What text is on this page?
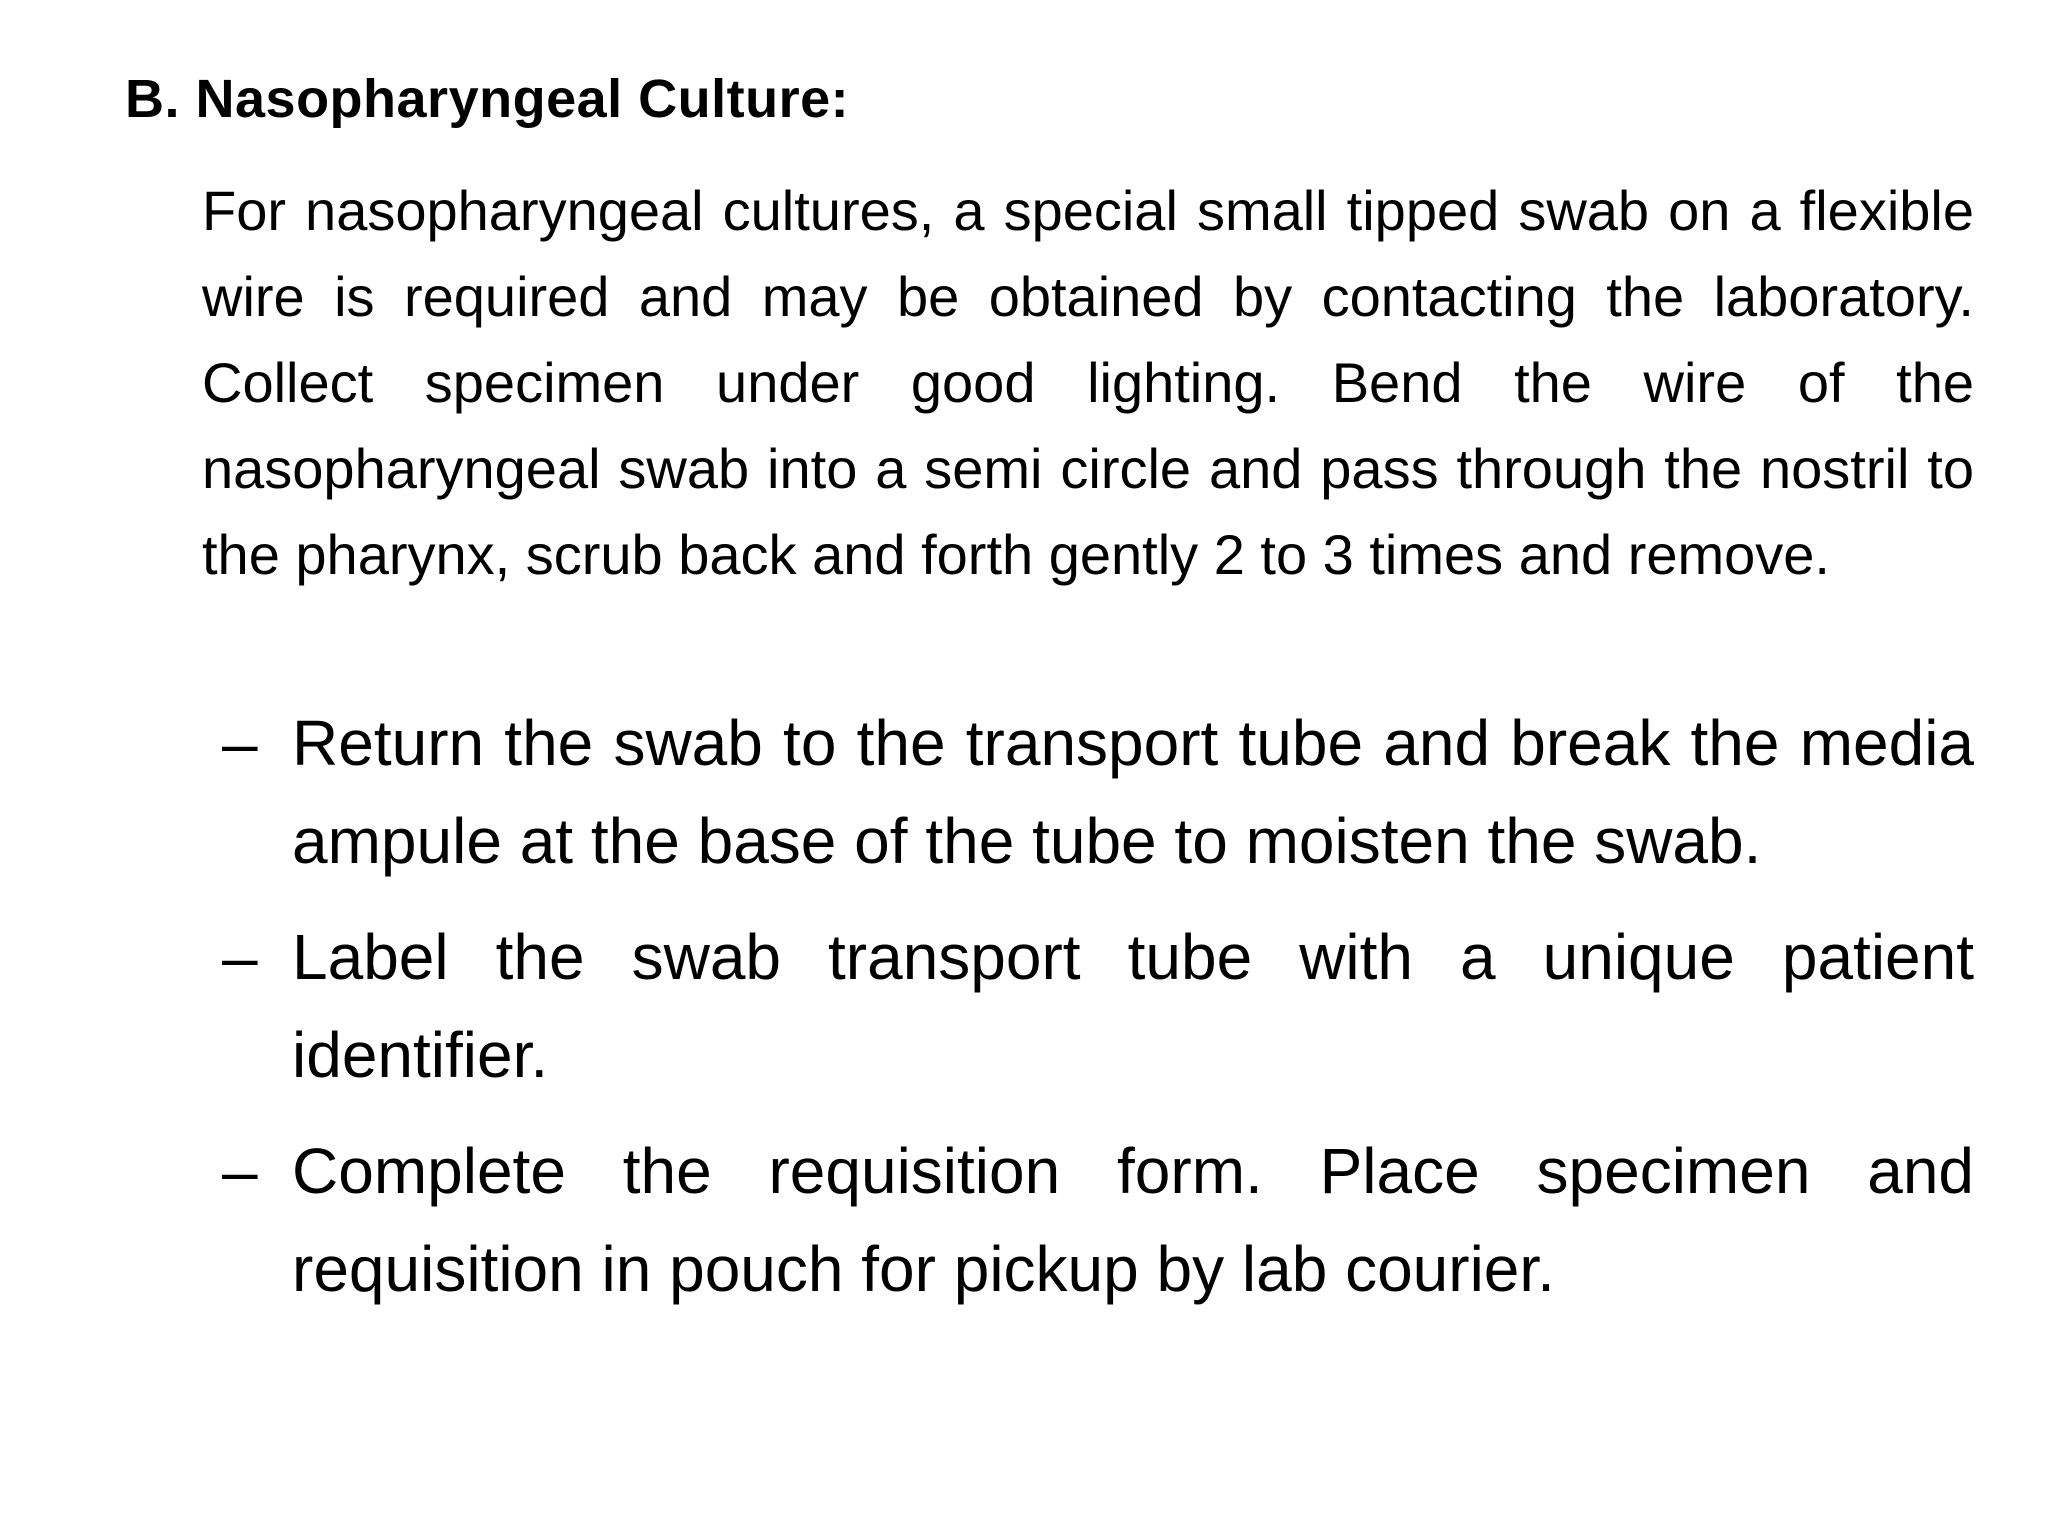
B. Nasopharyngeal Culture:

For nasopharyngeal cultures, a special small tipped swab on a flexible wire is required and may be obtained by contacting the laboratory. Collect specimen under good lighting. Bend the wire of the nasopharyngeal swab into a semi circle and pass through the nostril to the pharynx, scrub back and forth gently 2 to 3 times and remove.

– Return the swab to the transport tube and break the media ampule at the base of the tube to moisten the swab.
– Label the swab transport tube with a unique patient identifier.
– Complete the requisition form. Place specimen and requisition in pouch for pickup by lab courier.
